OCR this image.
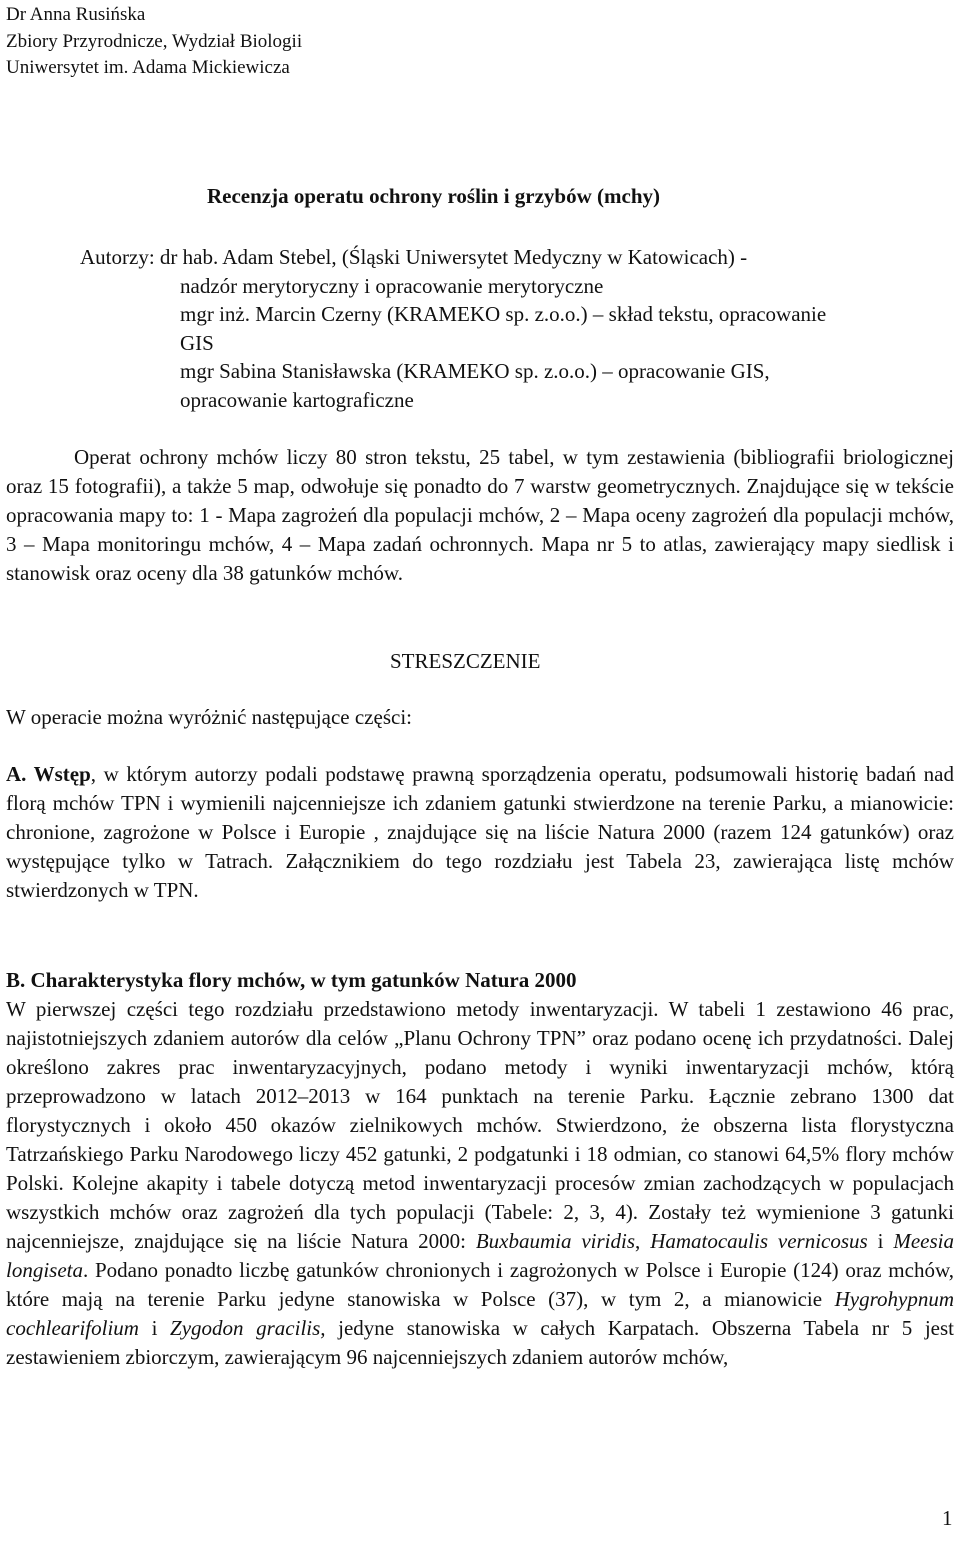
Dr Anna Rusińska
Zbiory Przyrodnicze, Wydział Biologii
Uniwersytet im. Adama Mickiewicza
Recenzja operatu ochrony roślin i grzybów (mchy)
Autorzy: dr hab. Adam Stebel, (Śląski Uniwersytet Medyczny w Katowicach) -
nadzór merytoryczny i opracowanie merytoryczne
mgr inż. Marcin Czerny (KRAMEKO sp. z.o.o.) – skład tekstu, opracowanie
GIS
mgr Sabina Stanisławska (KRAMEKO sp. z.o.o.) – opracowanie GIS,
opracowanie kartograficzne
Operat ochrony mchów liczy 80 stron tekstu, 25 tabel, w tym zestawienia (bibliografii briologicznej oraz 15 fotografii), a także 5 map, odwołuje się ponadto do 7 warstw geometrycznych. Znajdujące się w tekście opracowania mapy to: 1 - Mapa zagrożeń dla populacji mchów, 2 – Mapa oceny zagrożeń dla populacji mchów, 3 – Mapa monitoringu mchów, 4 – Mapa zadań ochronnych. Mapa nr 5 to atlas, zawierający mapy siedlisk i stanowisk oraz oceny dla 38 gatunków mchów.
STRESZCZENIE
W operacie można wyróżnić następujące części:
A. Wstęp, w którym autorzy podali podstawę prawną sporządzenia operatu, podsumowali historię badań nad florą mchów TPN i wymienili najcenniejsze ich zdaniem gatunki stwierdzone na terenie Parku, a mianowicie: chronione, zagrożone w Polsce i Europie , znajdujące się na liście Natura 2000 (razem 124 gatunków) oraz występujące tylko w Tatrach. Załącznikiem do tego rozdziału jest Tabela 23, zawierająca listę mchów stwierdzonych w TPN.
B. Charakterystyka flory mchów, w tym gatunków Natura 2000
W pierwszej części tego rozdziału przedstawiono metody inwentaryzacji. W tabeli 1 zestawiono 46 prac, najistotniejszych zdaniem autorów dla celów „Planu Ochrony TPN” oraz podano ocenę ich przydatności. Dalej określono zakres prac inwentaryzacyjnych, podano metody i wyniki inwentaryzacji mchów, którą przeprowadzono w latach 2012–2013 w 164 punktach na terenie Parku. Łącznie zebrano 1300 dat florystycznych i około 450 okazów zielnikowych mchów. Stwierdzono, że obszerna lista florystyczna Tatrzańskiego Parku Narodowego liczy 452 gatunki, 2 podgatunki i 18 odmian, co stanowi 64,5% flory mchów Polski. Kolejne akapity i tabele dotyczą metod inwentaryzacji procesów zmian zachodzących w populacjach wszystkich mchów oraz zagrożeń dla tych populacji (Tabele: 2, 3, 4). Zostały też wymienione 3 gatunki najcenniejsze, znajdujące się na liście Natura 2000: Buxbaumia viridis, Hamatocaulis vernicosus i Meesia longiseta. Podano ponadto liczbę gatunków chronionych i zagrożonych w Polsce i Europie (124) oraz mchów, które mają na terenie Parku jedyne stanowiska w Polsce (37), w tym 2, a mianowicie Hygrohypnum cochlearifolium i Zygodon gracilis, jedyne stanowiska w całych Karpatach. Obszerna Tabela nr 5 jest zestawieniem zbiorczym, zawierającym 96 najcenniejszych zdaniem autorów mchów,
1
